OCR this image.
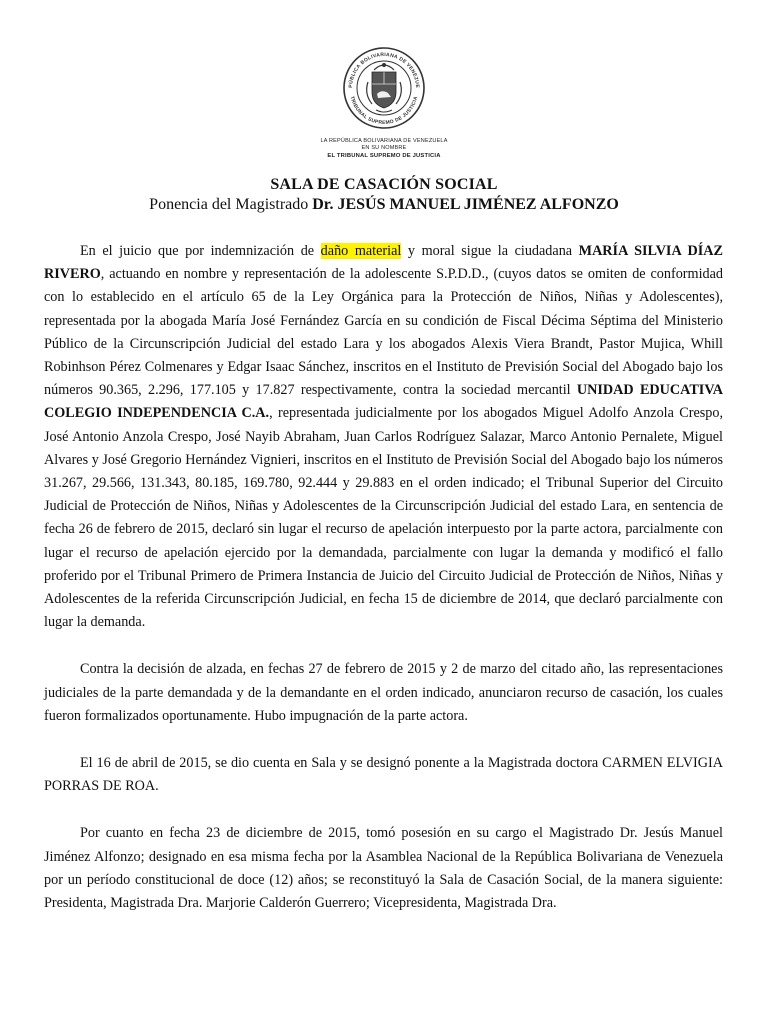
PÚBLICA BOLIVARIANA DE VENEZUE
TRIBUNAL SUPREMO DE JUSTICIA
LA REPÚBLICA BOLIVARIANA DE VENEZUELA
EN SU NOMBRE
EL TRIBUNAL SUPREMO DE JUSTICIA
SALA DE CASACIÓN SOCIAL
Ponencia del Magistrado Dr. JESÚS MANUEL JIMÉNEZ ALFONZO

En el juicio que por indemnización de daño material y moral sigue la ciudadana MARÍA SILVIA DÍAZ RIVERO, actuando en nombre y representación de la adolescente S.P.D.D., (cuyos datos se omiten de conformidad con lo establecido en el artículo 65 de la Ley Orgánica para la Protección de Niños, Niñas y Adolescentes), representada por la abogada María José Fernández García en su condición de Fiscal Décima Séptima del Ministerio Público de la Circunscripción Judicial del estado Lara y los abogados Alexis Viera Brandt, Pastor Mujica, Whill Robinhson Pérez Colmenares y Edgar Isaac Sánchez, inscritos en el Instituto de Previsión Social del Abogado bajo los números 90.365, 2.296, 177.105 y 17.827 respectivamente, contra la sociedad mercantil UNIDAD EDUCATIVA COLEGIO INDEPENDENCIA C.A., representada judicialmente por los abogados Miguel Adolfo Anzola Crespo, José Antonio Anzola Crespo, José Nayib Abraham, Juan Carlos Rodríguez Salazar, Marco Antonio Pernalete, Miguel Alvares y José Gregorio Hernández Vignieri, inscritos en el Instituto de Previsión Social del Abogado bajo los números 31.267, 29.566, 131.343, 80.185, 169.780, 92.444 y 29.883 en el orden indicado; el Tribunal Superior del Circuito Judicial de Protección de Niños, Niñas y Adolescentes de la Circunscripción Judicial del estado Lara, en sentencia de fecha 26 de febrero de 2015, declaró sin lugar el recurso de apelación interpuesto por la parte actora, parcialmente con lugar el recurso de apelación ejercido por la demandada, parcialmente con lugar la demanda y modificó el fallo proferido por el Tribunal Primero de Primera Instancia de Juicio del Circuito Judicial de Protección de Niños, Niñas y Adolescentes de la referida Circunscripción Judicial, en fecha 15 de diciembre de 2014, que declaró parcialmente con lugar la demanda.

Contra la decisión de alzada, en fechas 27 de febrero de 2015 y 2 de marzo del citado año, las representaciones judiciales de la parte demandada y de la demandante en el orden indicado, anunciaron recurso de casación, los cuales fueron formalizados oportunamente. Hubo impugnación de la parte actora.

El 16 de abril de 2015, se dio cuenta en Sala y se designó ponente a la Magistrada doctora CARMEN ELVIGIA PORRAS DE ROA.

Por cuanto en fecha 23 de diciembre de 2015, tomó posesión en su cargo el Magistrado Dr. Jesús Manuel Jiménez Alfonzo; designado en esa misma fecha por la Asamblea Nacional de la República Bolivariana de Venezuela por un período constitucional de doce (12) años; se reconstituyó la Sala de Casación Social, de la manera siguiente: Presidenta, Magistrada Dra. Marjorie Calderón Guerrero; Vicepresidenta, Magistrada Dra.
